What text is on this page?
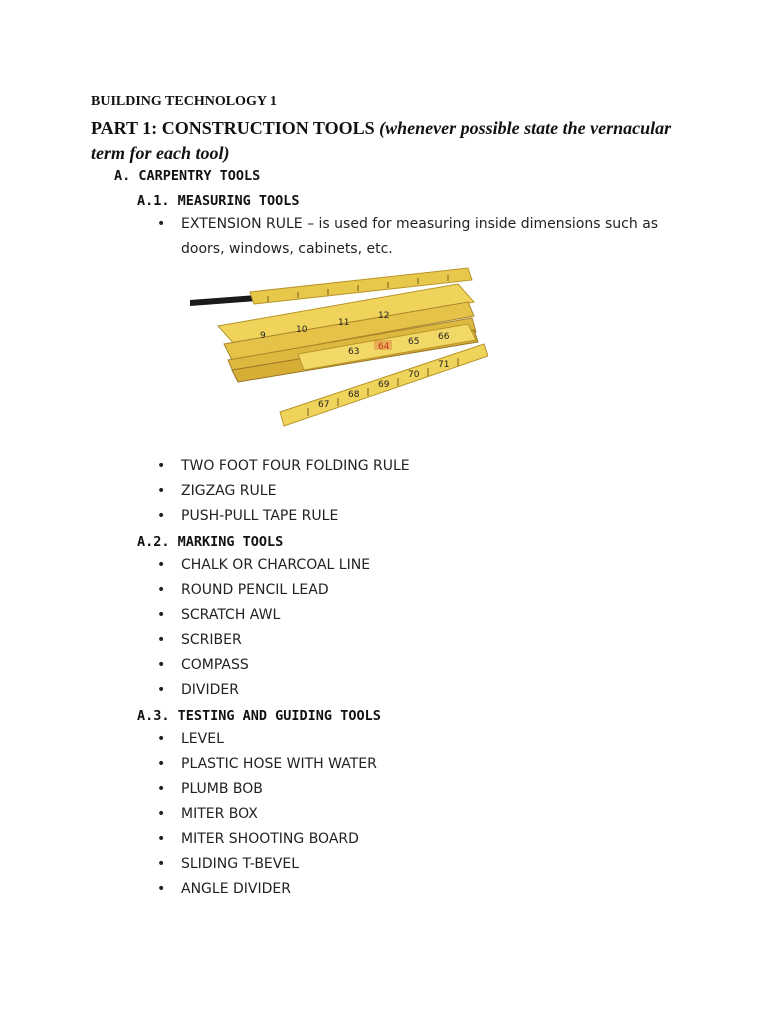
BUILDING TECHNOLOGY 1

PART 1: CONSTRUCTION TOOLS (whenever possible state the vernacular term for each tool)

A. CARPENTRY TOOLS

A.1. MEASURING TOOLS

• EXTENSION RULE – is used for measuring inside dimensions such as doors, windows, cabinets, etc.
9
10
11
12
63 64 65 66
67
68
69
70
71
• TWO FOOT FOUR FOLDING RULE
• ZIGZAG RULE
• PUSH-PULL TAPE RULE

A.2. MARKING TOOLS

• CHALK OR CHARCOAL LINE
• ROUND PENCIL LEAD
• SCRATCH AWL
• SCRIBER
• COMPASS
• DIVIDER

A.3. TESTING AND GUIDING TOOLS

• LEVEL
• PLASTIC HOSE WITH WATER
• PLUMB BOB
• MITER BOX
• MITER SHOOTING BOARD
• SLIDING T-BEVEL
• ANGLE DIVIDER
